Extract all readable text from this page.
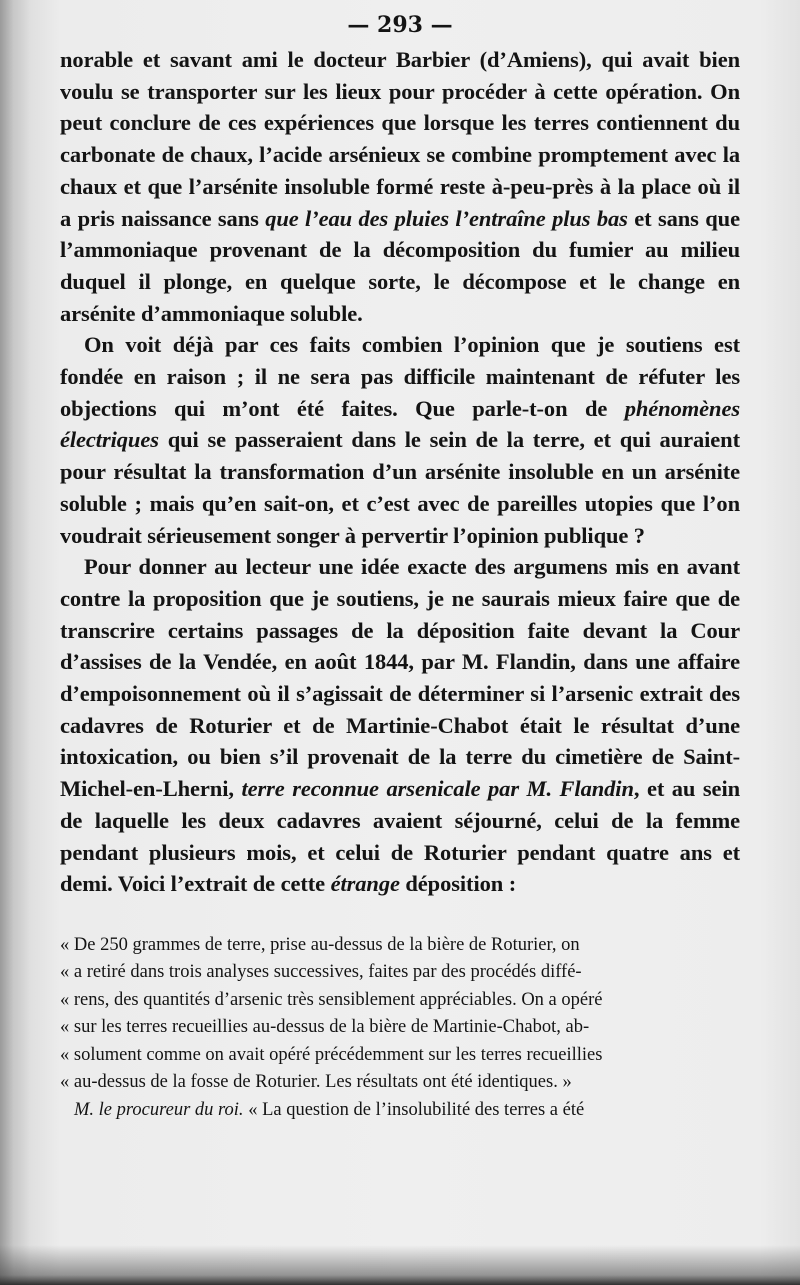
— 293 —

norable et savant ami le docteur Barbier (d’Amiens), qui avait bien voulu se transporter sur les lieux pour procéder à cette opération. On peut conclure de ces expériences que lorsque les terres contiennent du carbonate de chaux, l’acide arsénieux se combine promptement avec la chaux et que l’arsénite insoluble formé reste à-peu-près à la place où il a pris naissance sans que l’eau des pluies l’entraîne plus bas et sans que l’ammoniaque provenant de la décomposition du fumier au milieu duquel il plonge, en quelque sorte, le décompose et le change en arsénite d’ammoniaque soluble.

On voit déjà par ces faits combien l’opinion que je soutiens est fondée en raison ; il ne sera pas difficile maintenant de réfuter les objections qui m’ont été faites. Que parle-t-on de phénomènes électriques qui se passeraient dans le sein de la terre, et qui auraient pour résultat la transformation d’un arsénite insoluble en un arsénite soluble ; mais qu’en sait-on, et c’est avec de pareilles utopies que l’on voudrait sérieusement songer à pervertir l’opinion publique ?

Pour donner au lecteur une idée exacte des argumens mis en avant contre la proposition que je soutiens, je ne saurais mieux faire que de transcrire certains passages de la déposition faite devant la Cour d’assises de la Vendée, en août 1844, par M. Flandin, dans une affaire d’empoisonnement où il s’agissait de déterminer si l’arsenic extrait des cadavres de Roturier et de Martinie-Chabot était le résultat d’une intoxication, ou bien s’il provenait de la terre du cimetière de Saint-Michel-en-Lherni, terre reconnue arsenicale par M. Flandin, et au sein de laquelle les deux cadavres avaient séjourné, celui de la femme pendant plusieurs mois, et celui de Roturier pendant quatre ans et demi. Voici l’extrait de cette étrange déposition :

« De 250 grammes de terre, prise au-dessus de la bière de Roturier, on
« a retiré dans trois analyses successives, faites par des procédés diffé-
« rens, des quantités d’arsenic très sensiblement appréciables. On a opéré
« sur les terres recueillies au-dessus de la bière de Martinie-Chabot, ab-
« solument comme on avait opéré précédemment sur les terres recueillies
« au-dessus de la fosse de Roturier. Les résultats ont été identiques. »

M. le procureur du roi. « La question de l’insolubilité des terres a été
